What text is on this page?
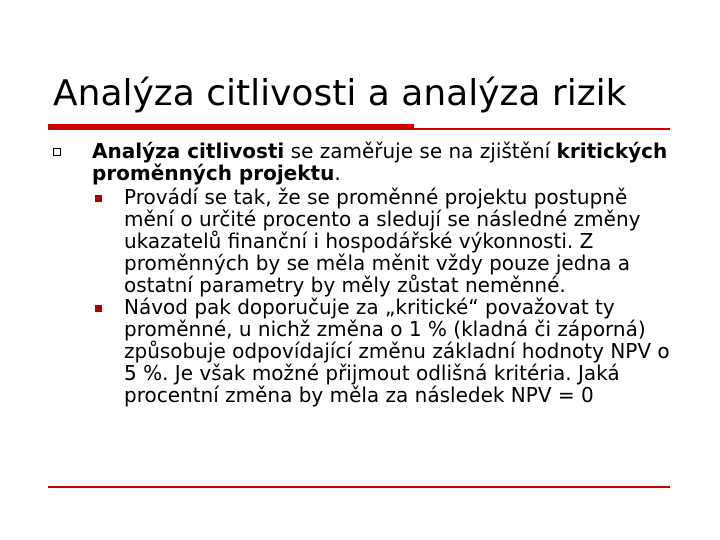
Analýza citlivosti a analýza rizik
Analýza citlivosti se zaměřuje se na zjištění kritických proměnných projektu.
Provádí se tak, že se proměnné projektu postupně mění o určité procento a sledují se následné změny ukazatelů finanční i hospodářské výkonnosti. Z proměnných by se měla měnit vždy pouze jedna a ostatní parametry by měly zůstat neměnné.
Návod pak doporučuje za „kritické“ považovat ty proměnné, u nichž změna o 1 % (kladná či záporná) způsobuje odpovídající změnu základní hodnoty NPV o 5 %. Je však možné přijmout odlišná kritéria. Jaká procentní změna by měla za následek NPV = 0
